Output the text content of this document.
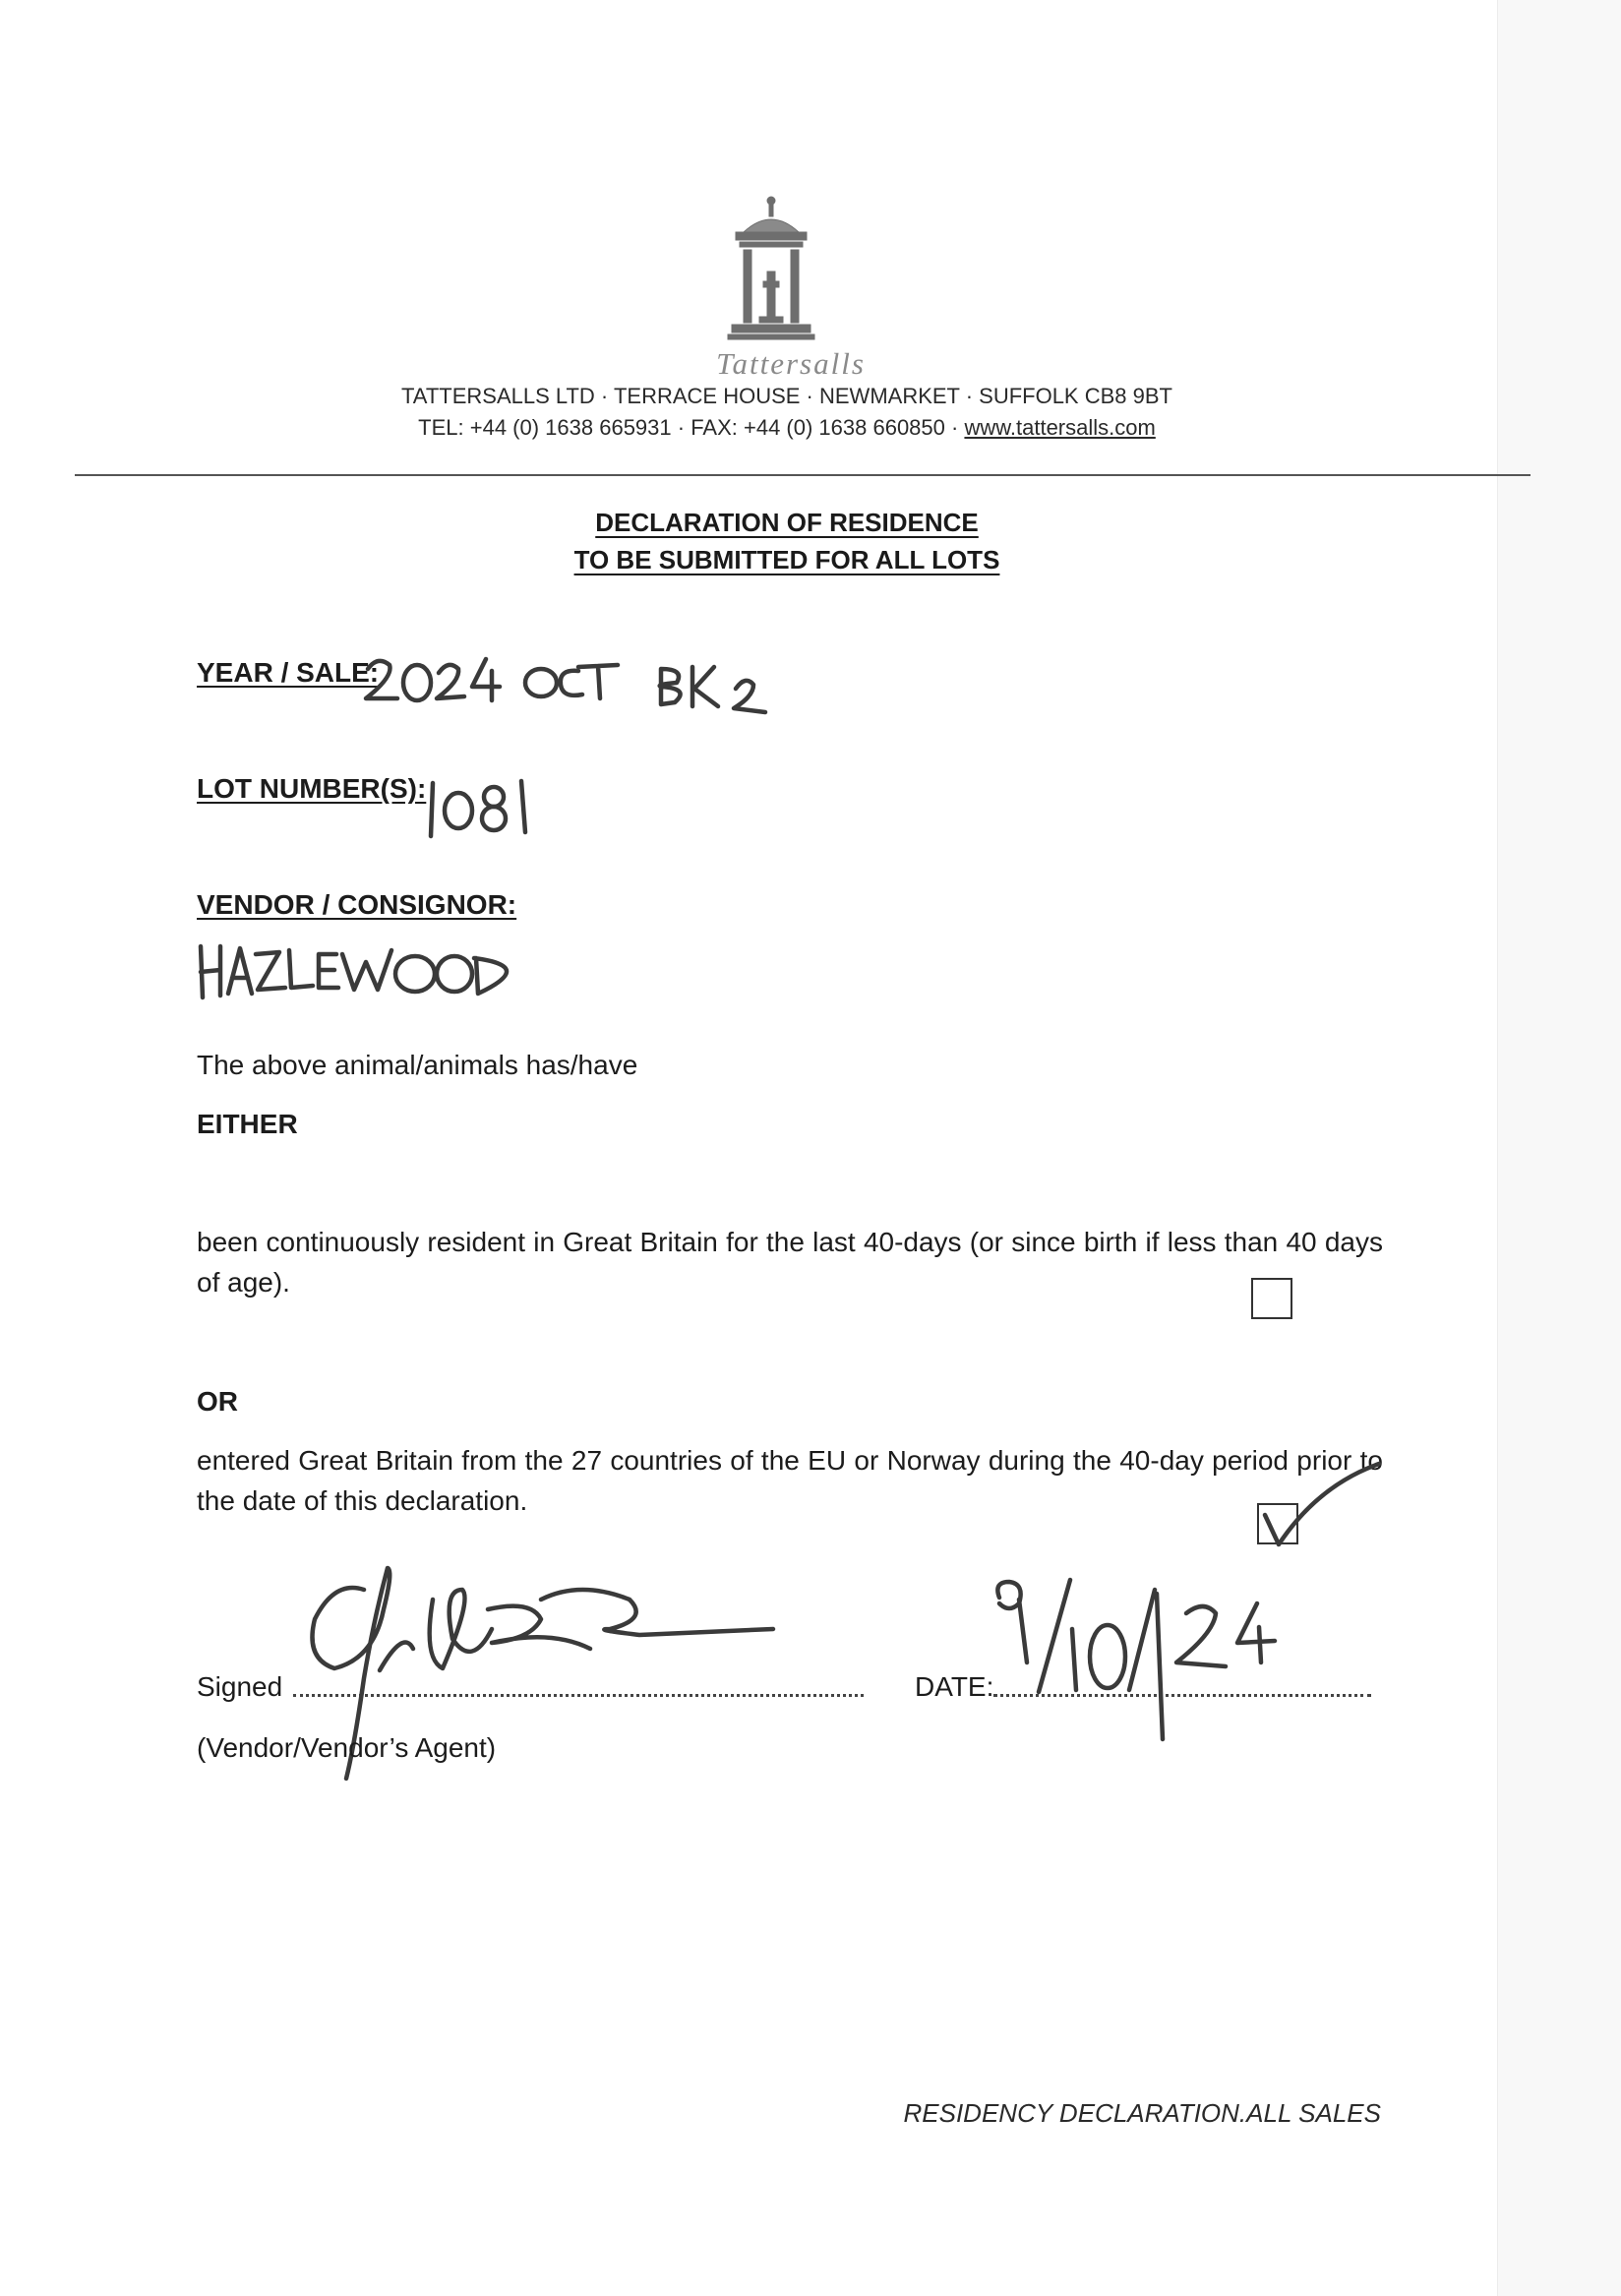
Tattersalls
TATTERSALLS LTD · TERRACE HOUSE · NEWMARKET · SUFFOLK CB8 9BT
TEL: +44 (0) 1638 665931 · FAX: +44 (0) 1638 660850 · www.tattersalls.com
DECLARATION OF RESIDENCE
TO BE SUBMITTED FOR ALL LOTS
YEAR / SALE:
LOT NUMBER(S):
VENDOR / CONSIGNOR:
The above animal/animals has/have
EITHER
been continuously resident in Great Britain for the last 40-days (or since birth if less than 40 days of age).
OR
entered Great Britain from the 27 countries of the EU or Norway during the 40-day period prior to the date of this declaration.
Signed
(Vendor/Vendor’s Agent)
DATE:
RESIDENCY DECLARATION.ALL SALES
